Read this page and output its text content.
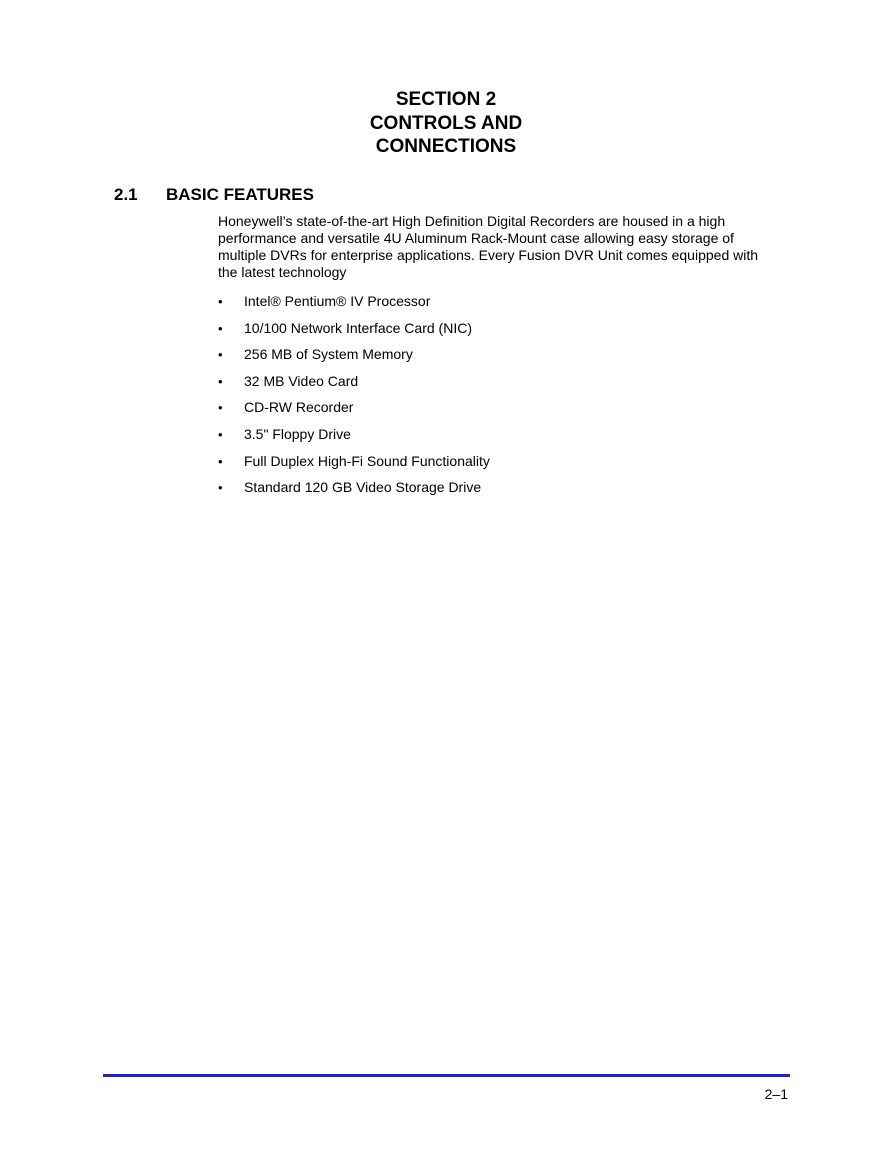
SECTION 2
CONTROLS AND
CONNECTIONS
2.1 BASIC FEATURES

Honeywell’s state-of-the-art High Definition Digital Recorders are housed in a high performance and versatile 4U Aluminum Rack-Mount case allowing easy storage of multiple DVRs for enterprise applications. Every Fusion DVR Unit comes equipped with the latest technology

• Intel® Pentium® IV Processor
• 10/100 Network Interface Card (NIC)
• 256 MB of System Memory
• 32 MB Video Card
• CD-RW Recorder
• 3.5" Floppy Drive
• Full Duplex High-Fi Sound Functionality
• Standard 120 GB Video Storage Drive
2–1
